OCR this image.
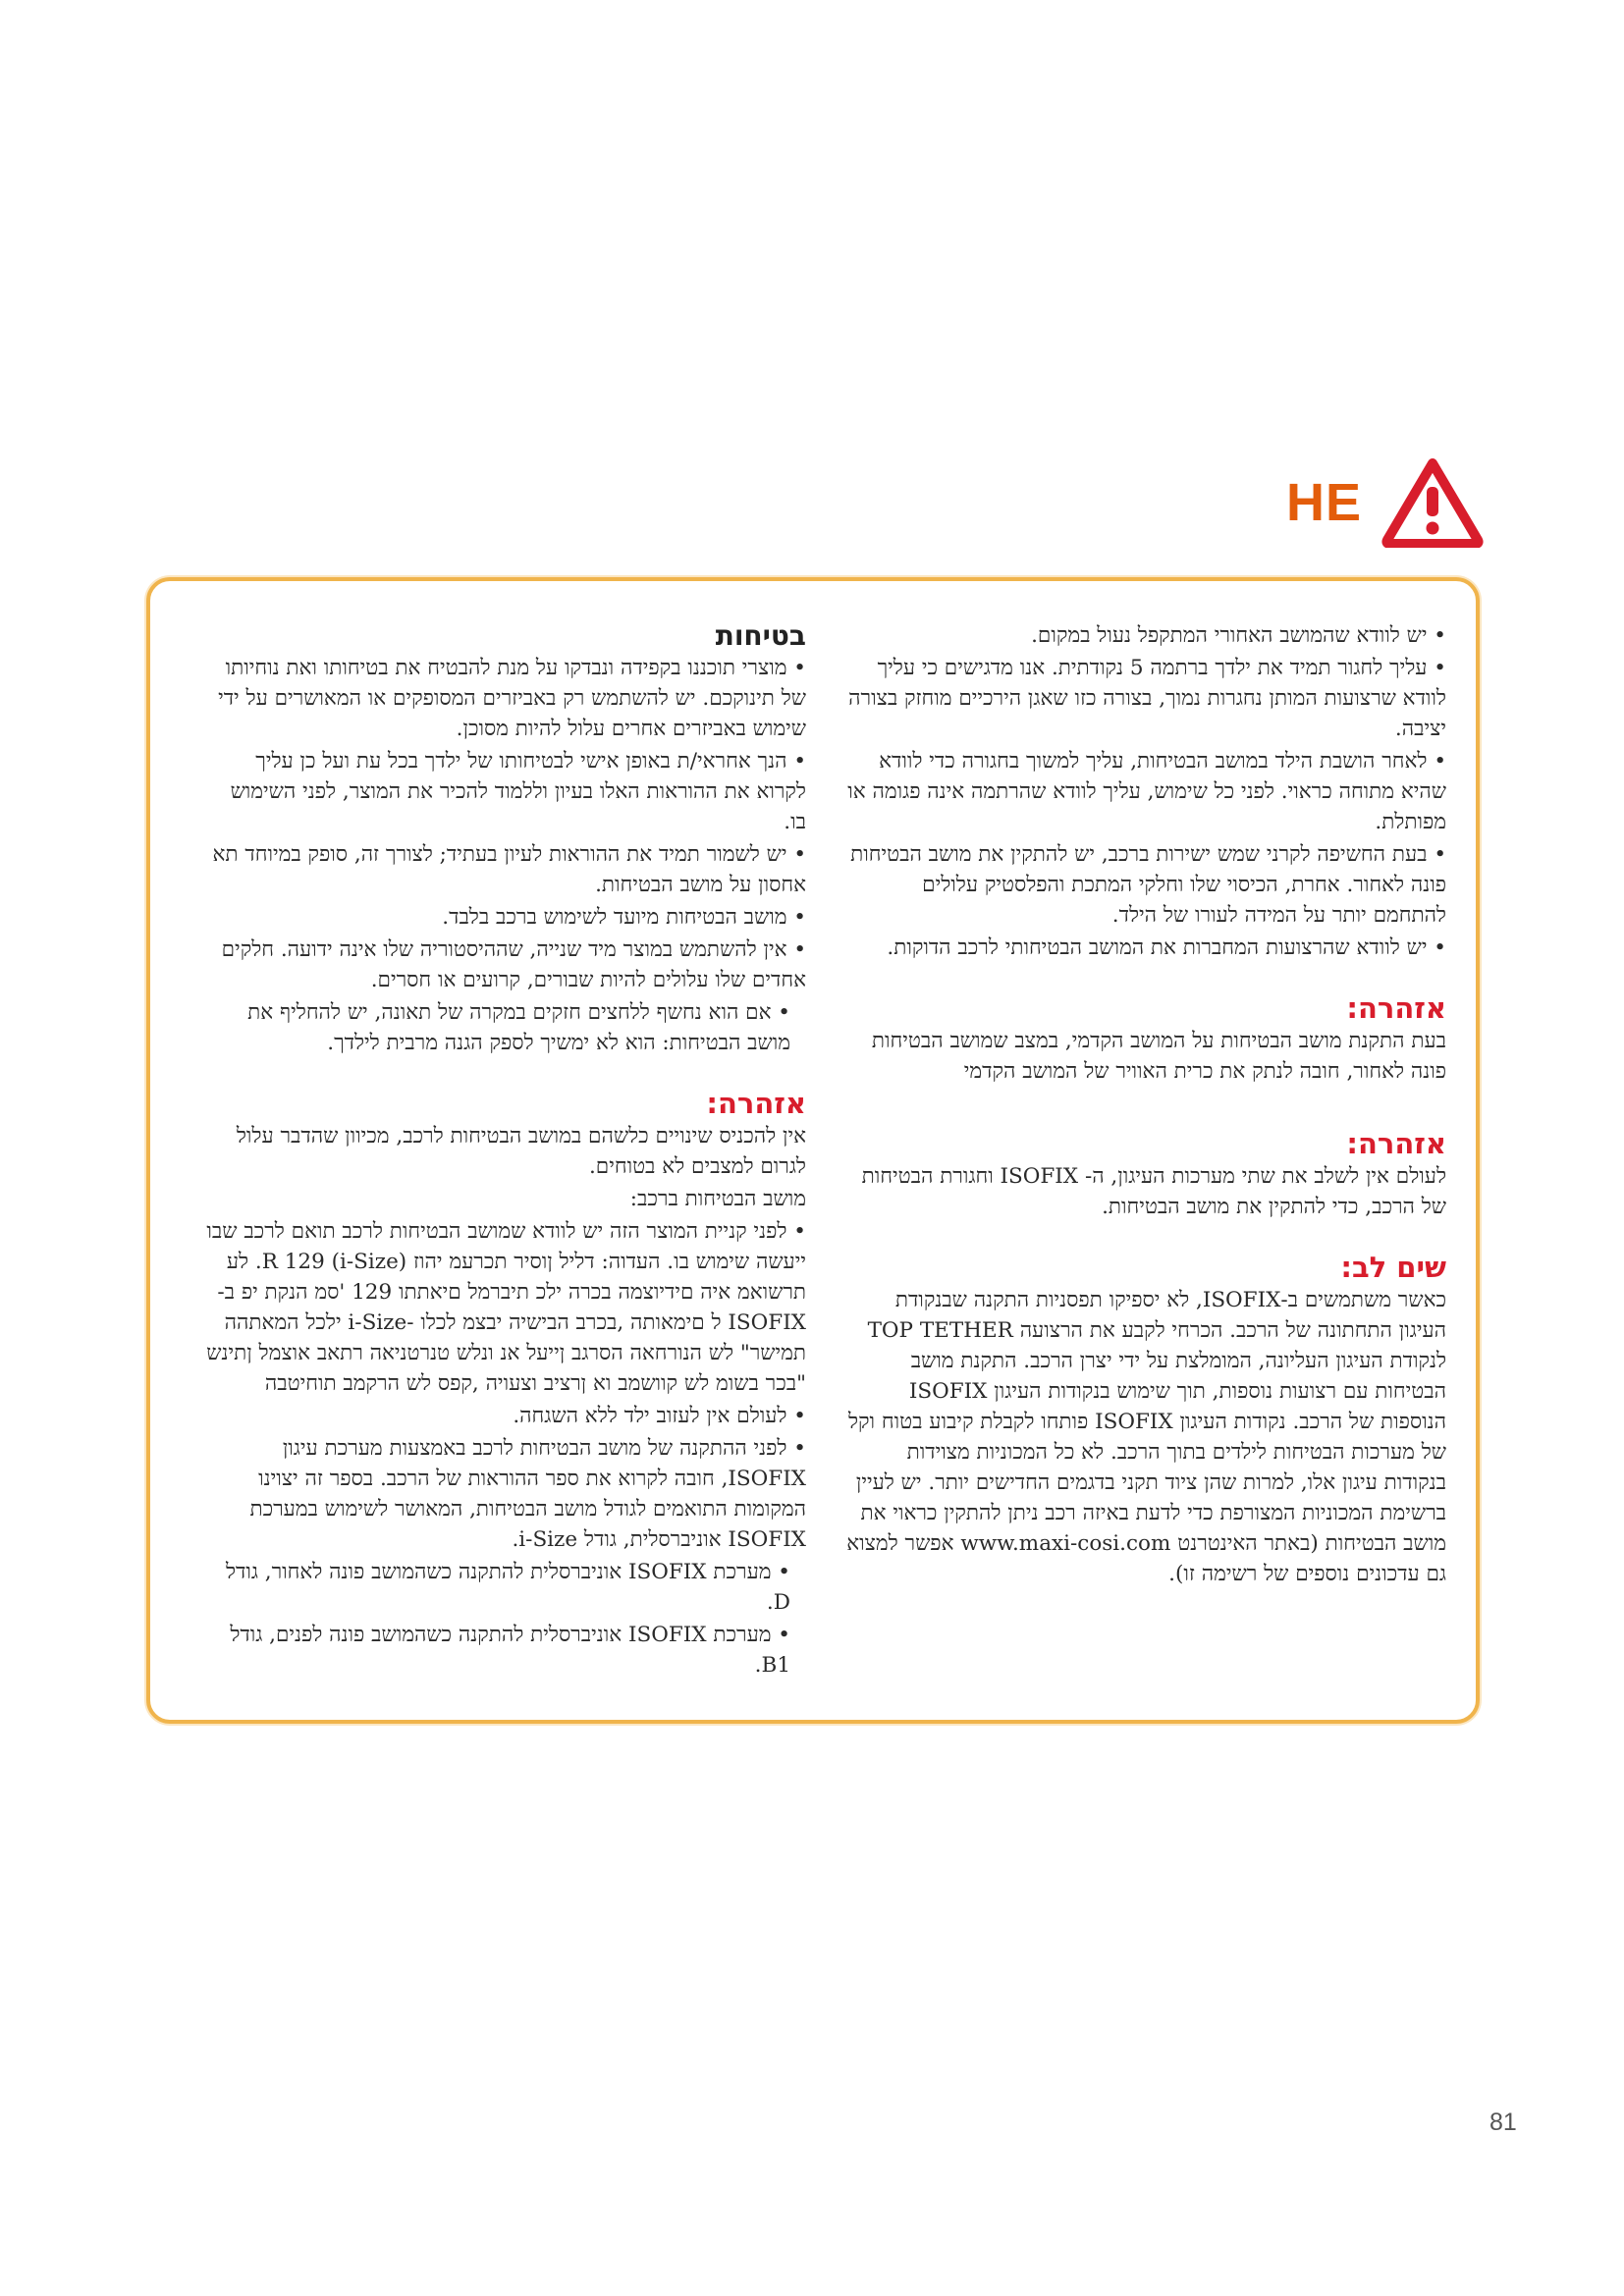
HE

• יש לוודא שהמושב האחורי המתקפל נעול במקום.

• עליך לחגור תמיד את ילדך ברתמה 5 נקודתית. אנו מדגישים כי עליך לוודא שרצועות המותן נחגרות נמוך, בצורה כזו שאגן הירכיים מוחזק בצורה יציבה.

• לאחר הושבת הילד במושב הבטיחות, עליך למשוך בחגורה כדי לוודא שהיא מתוחה כראוי. לפני כל שימוש, עליך לוודא שהרתמה אינה פגומה או מפותלת.

• בעת החשיפה לקרני שמש ישירות ברכב, יש להתקין את מושב הבטיחות פונה לאחור. אחרת, הכיסוי שלו וחלקי המתכת והפלסטיק עלולים להתחמם יותר על המידה לעורו של הילד.

• יש לוודא שהרצועות המחברות את המושב הבטיחותי לרכב הדוקות.

אזהרה:

בעת התקנת מושב הבטיחות על המושב הקדמי, במצב שמושב הבטיחות פונה לאחור, חובה לנתק את כרית האוויר של המושב הקדמי

אזהרה:

לעולם אין לשלב את שתי מערכות העיגון, ה- ISOFIX וחגורת הבטיחות של הרכב, כדי להתקין את מושב הבטיחות.

שים לב:

כאשר משתמשים ב-ISOFIX, לא יספיקו תפסניות התקנה שבנקודת העיגון התחתונה של הרכב. הכרחי לקבע את הרצועה TOP TETHER לנקודת העיגון העליונה, המומלצת על ידי יצרן הרכב. התקנת מושב הבטיחות עם רצועות נוספות, תוך שימוש בנקודות העיגון ISOFIX הנוספות של הרכב. נקודות העיגון ISOFIX פותחו לקבלת קיבוע בטוח וקל של מערכות הבטיחות לילדים בתוך הרכב. לא כל המכוניות מצוידות בנקודות עיגון אלו, למרות שהן ציוד תקני בדגמים החדישים יותר. יש לעיין ברשימת המכוניות המצורפת כדי לדעת באיזה רכב ניתן להתקין כראוי את מושב הבטיחות (באתר האינטרנט www.maxi-cosi.com אפשר למצוא גם עדכונים נוספים של רשימה זו).

בטיחות

• מוצרי תוכננו בקפידה ונבדקו על מנת להבטיח את בטיחותו ואת נוחיותו של תינוקכם. יש להשתמש רק באביזרים המסופקים או המאושרים על ידי שימוש באביזרים אחרים עלול להיות מסוכן.

• הנך אחראי/ת באופן אישי לבטיחותו של ילדך בכל עת ועל כן עליך לקרוא את ההוראות האלו בעיון וללמוד להכיר את המוצר, לפני השימוש בו.

• יש לשמור תמיד את ההוראות לעיון בעתיד; לצורך זה, סופק במיוחד תא אחסון על מושב הבטיחות.

• מושב הבטיחות מיועד לשימוש ברכב בלבד.

• אין להשתמש במוצר מיד שנייה, שההיסטוריה שלו אינה ידועה. חלקים אחדים שלו עלולים להיות שבורים, קרועים או חסרים.

• אם הוא נחשף ללחצים חזקים במקרה של תאונה, יש להחליף את מושב הבטיחות: הוא לא ימשיך לספק הגנה מרבית לילדך.

אזהרה:

אין להכניס שינויים כלשהם במושב הבטיחות לרכב, מכיוון שהדבר עלול לגרום למצבים לא בטוחים.

מושב הבטיחות ברכב:

• לפני קניית המוצר הזה יש לוודא שמושב הבטיחות לרכב תואם לרכב שבו ייעשה שימוש בו. העדוה: דליל ןוסיר תכרעמ יהוז R 129 (i-Size). לע תרשואמ איה םידיוצמה בכרה ילכ תיברמל םיאתתו 129 'סמ הנקת יפ ב-ISOFIX ל םימאותה ,בכרב הבישיה יבצמ לכלו -i-Size ילכל המאתהה תמישר" לש הנורחאה הסרגב ןייעל אנ ונלש טנרטניאה רתאב אוצמל ןתינש "בכר בשומ לש קוושמב וא ןרציב וצעויה ,קפס לש הרקמב תוחיטבה

• לעולם אין לעזוב ילד ללא השגחה.

• לפני ההתקנה של מושב הבטיחות לרכב באמצעות מערכת עיגון ISOFIX, חובה לקרוא את ספר ההוראות של הרכב. בספר זה יצוינו המקומות התואמים לגודל מושב הבטיחות, המאושר לשימוש במערכת ISOFIX אוניברסלית, גודל i-Size.

• מערכת ISOFIX אוניברסלית להתקנה כשהמושב פונה לאחור, גודל D.

• מערכת ISOFIX אוניברסלית להתקנה כשהמושב פונה לפנים, גודל B1.

81
